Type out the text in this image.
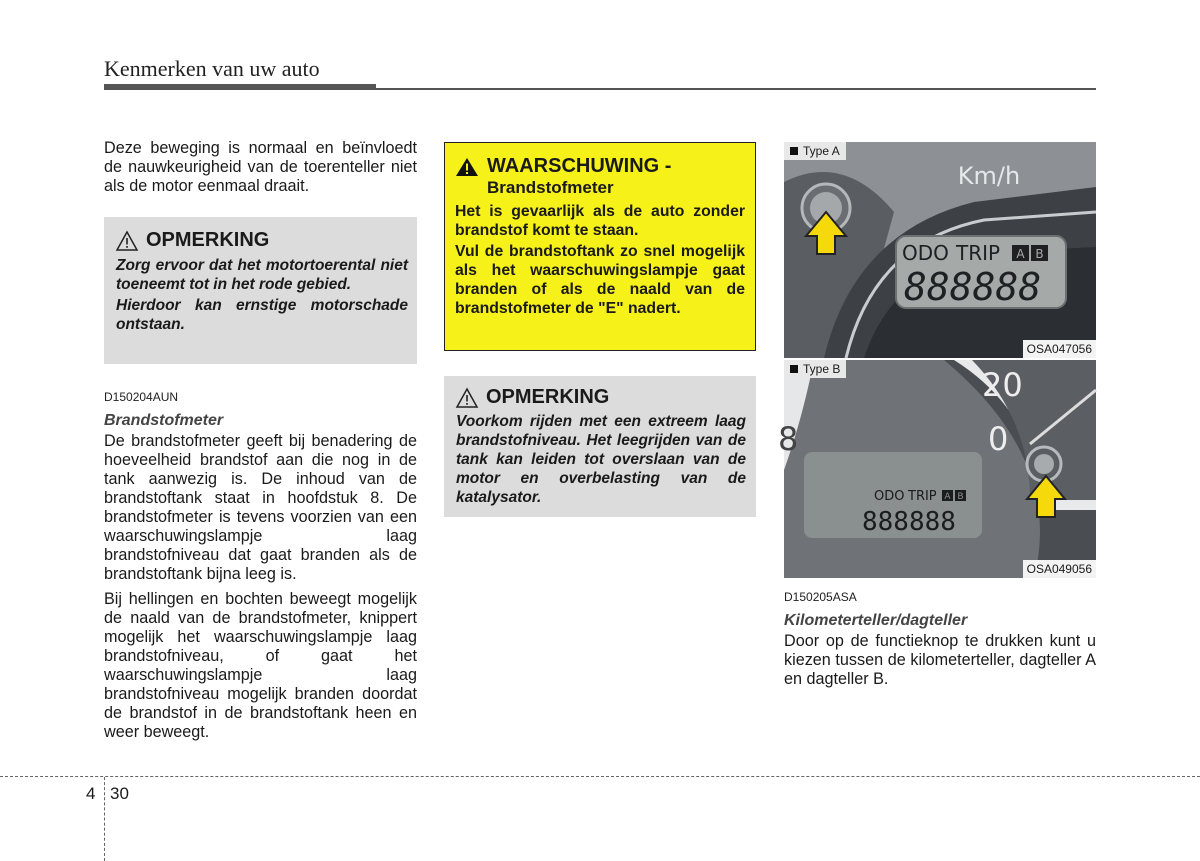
Kenmerken van uw auto

Deze beweging is normaal en beïnvloedt de nauwkeurigheid van de toerenteller niet als de motor eenmaal draait.

OPMERKING

Zorg ervoor dat het motortoerental niet toeneemt tot in het rode gebied.

Hierdoor kan ernstige motorschade ontstaan.

D150204AUN
Brandstofmeter

De brandstofmeter geeft bij benadering de hoeveelheid brandstof aan die nog in de tank aanwezig is. De inhoud van de brandstoftank staat in hoofdstuk 8. De brandstofmeter is tevens voorzien van een waarschuwingslampje laag brandstofniveau dat gaat branden als de brandstoftank bijna leeg is.

Bij hellingen en bochten beweegt mogelijk de naald van de brandstofmeter, knippert mogelijk het waarschuwingslampje laag brandstofniveau, of gaat het waarschuwingslampje laag brandstofniveau mogelijk branden doordat de brandstof in de brandstoftank heen en weer beweegt.

WAARSCHUWING -
Brandstofmeter

Het is gevaarlijk als de auto zonder brandstof komt te staan.

Vul de brandstoftank zo snel mogelijk als het waarschuwingslampje gaat branden of als de naald van de brandstofmeter de "E" nadert.

OPMERKING
Voorkom rijden met een extreem laag brandstofniveau. Het leegrijden van de tank kan leiden tot overslaan van de motor en overbelasting van de katalysator.
Km/h
ODO TRIP A B
888888
Type A
OSA047056
20
0
8
ODO TRIP A B
888888
Type B
OSA049056
D150205ASA
Kilometerteller/dagteller

Door op de functieknop te drukken kunt u kiezen tussen de kilometerteller, dagteller A en dagteller B.

4 30
